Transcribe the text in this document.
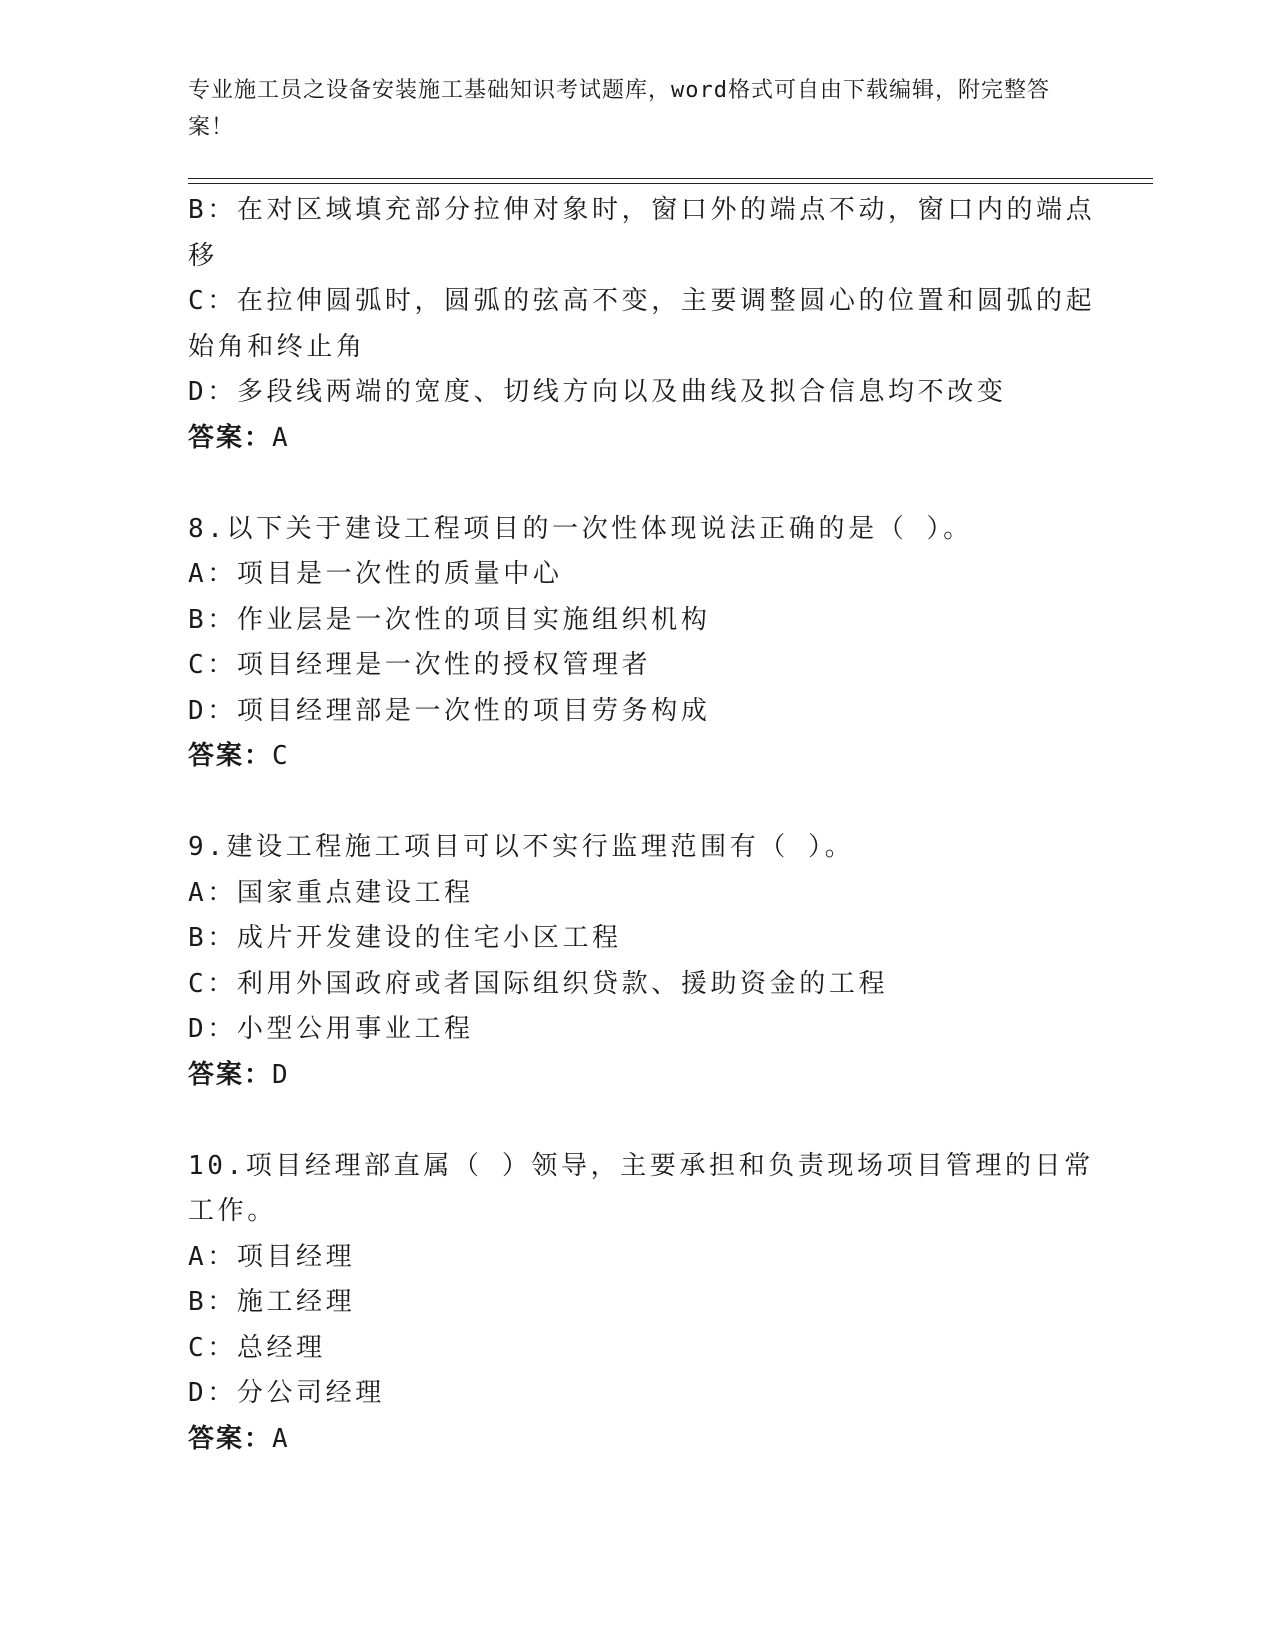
专业施工员之设备安装施工基础知识考试题库，word格式可自由下载编辑，附完整答案！
B：在对区域填充部分拉伸对象时，窗口外的端点不动，窗口内的端点
移
C：在拉伸圆弧时，圆弧的弦高不变，主要调整圆心的位置和圆弧的起
始角和终止角
D：多段线两端的宽度、切线方向以及曲线及拟合信息均不改变
答案：A
8.以下关于建设工程项目的一次性体现说法正确的是（ ）。
A：项目是一次性的质量中心
B：作业层是一次性的项目实施组织机构
C：项目经理是一次性的授权管理者
D：项目经理部是一次性的项目劳务构成
答案：C
9.建设工程施工项目可以不实行监理范围有（ ）。
A：国家重点建设工程
B：成片开发建设的住宅小区工程
C：利用外国政府或者国际组织贷款、援助资金的工程
D：小型公用事业工程
答案：D
10.项目经理部直属（ ）领导，主要承担和负责现场项目管理的日常
工作。
A：项目经理
B：施工经理
C：总经理
D：分公司经理
答案：A
